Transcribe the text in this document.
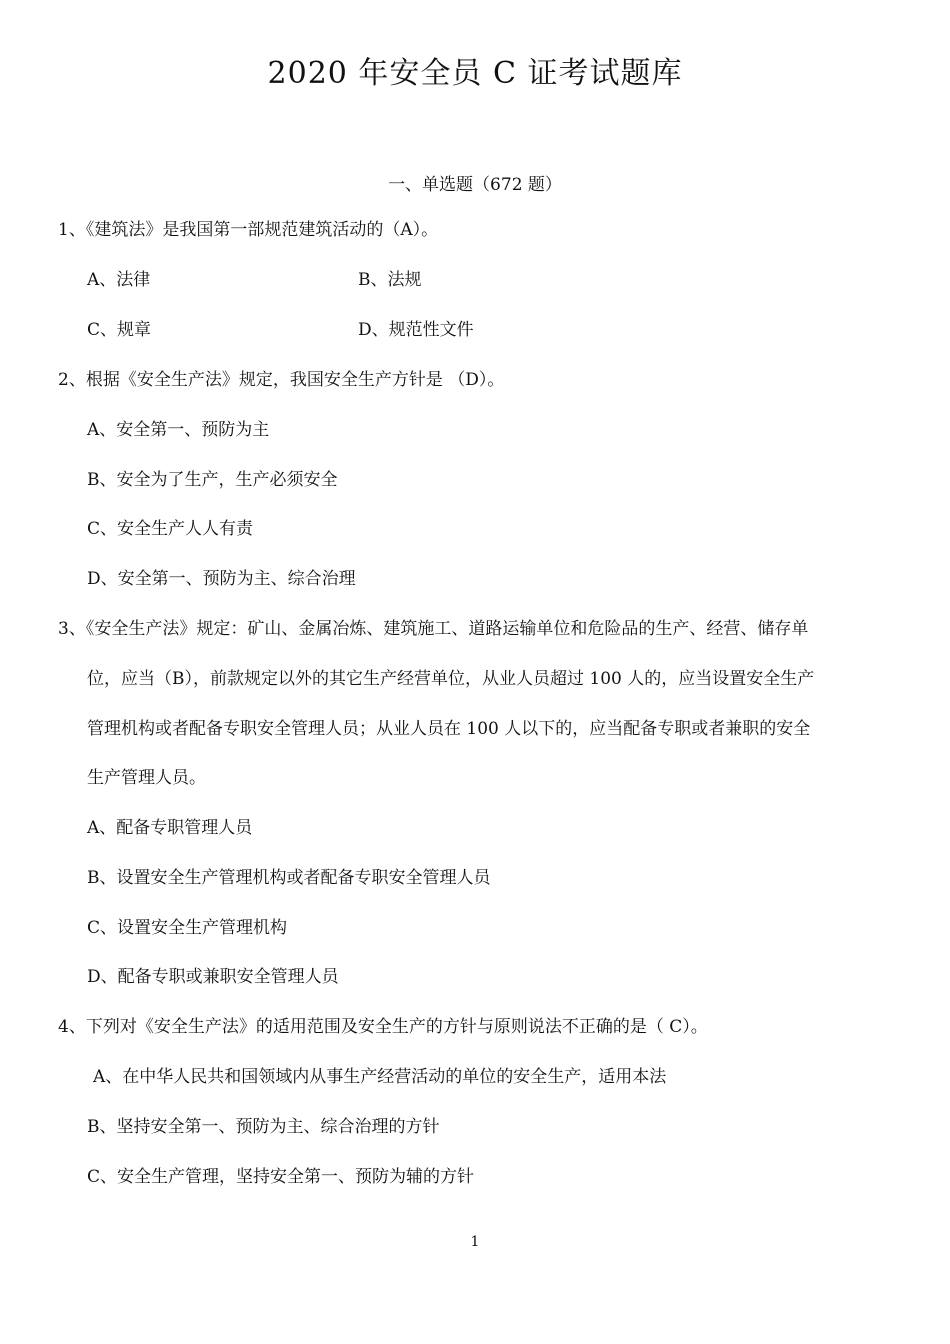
2020 年安全员 C 证考试题库
一、单选题（672 题）
1、《建筑法》是我国第一部规范建筑活动的（A）。
A、法律	B、法规
C、规章	D、规范性文件
2、根据《安全生产法》规定，我国安全生产方针是 （D）。
A、安全第一、预防为主
B、安全为了生产，生产必须安全
C、安全生产人人有责
D、安全第一、预防为主、综合治理
3、《安全生产法》规定：矿山、金属冶炼、建筑施工、道路运输单位和危险品的生产、经营、储存单
位，应当（B），前款规定以外的其它生产经营单位，从业人员超过 100 人的，应当设置安全生产
管理机构或者配备专职安全管理人员；从业人员在 100 人以下的，应当配备专职或者兼职的安全
生产管理人员。
A、配备专职管理人员
B、设置安全生产管理机构或者配备专职安全管理人员
C、设置安全生产管理机构
D、配备专职或兼职安全管理人员
4、下列对《安全生产法》的适用范围及安全生产的方针与原则说法不正确的是（ C）。
A、在中华人民共和国领域内从事生产经营活动的单位的安全生产，适用本法
B、坚持安全第一、预防为主、综合治理的方针
C、安全生产管理，坚持安全第一、预防为辅的方针
1
